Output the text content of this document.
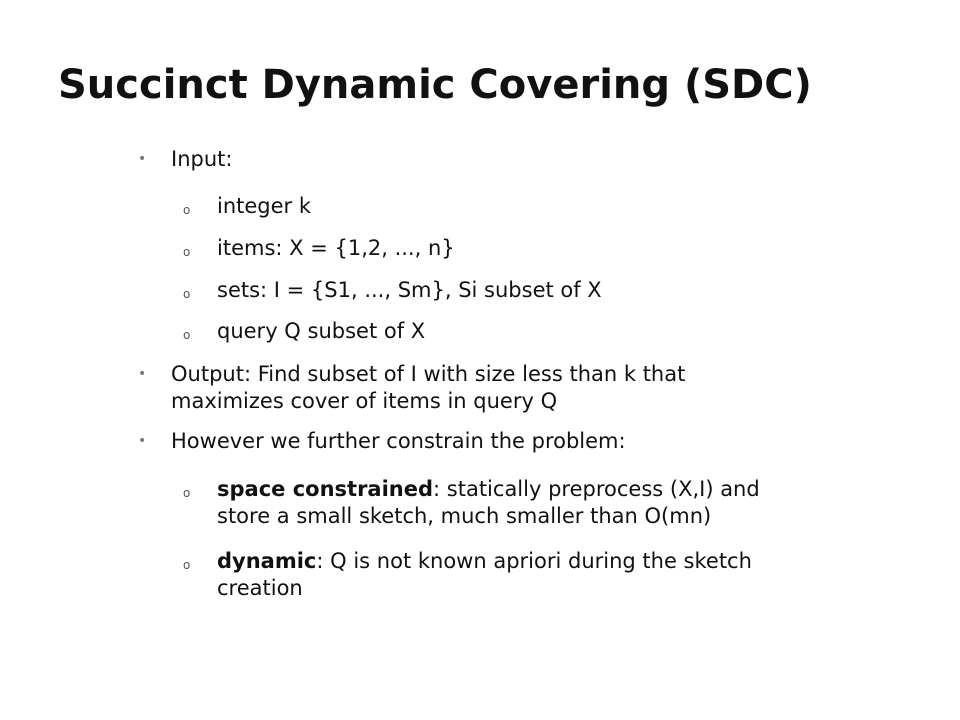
Succinct Dynamic Covering (SDC)
• Input:
o integer k
o items: X = {1,2, ..., n}
o sets: I = {S1, ..., Sm}, Si subset of X
o query Q subset of X
• Output: Find subset of I with size less than k that
maximizes cover of items in query Q
• However we further constrain the problem:
o space constrained: statically preprocess (X,I) and
store a small sketch, much smaller than O(mn)
o dynamic: Q is not known apriori during the sketch
creation
